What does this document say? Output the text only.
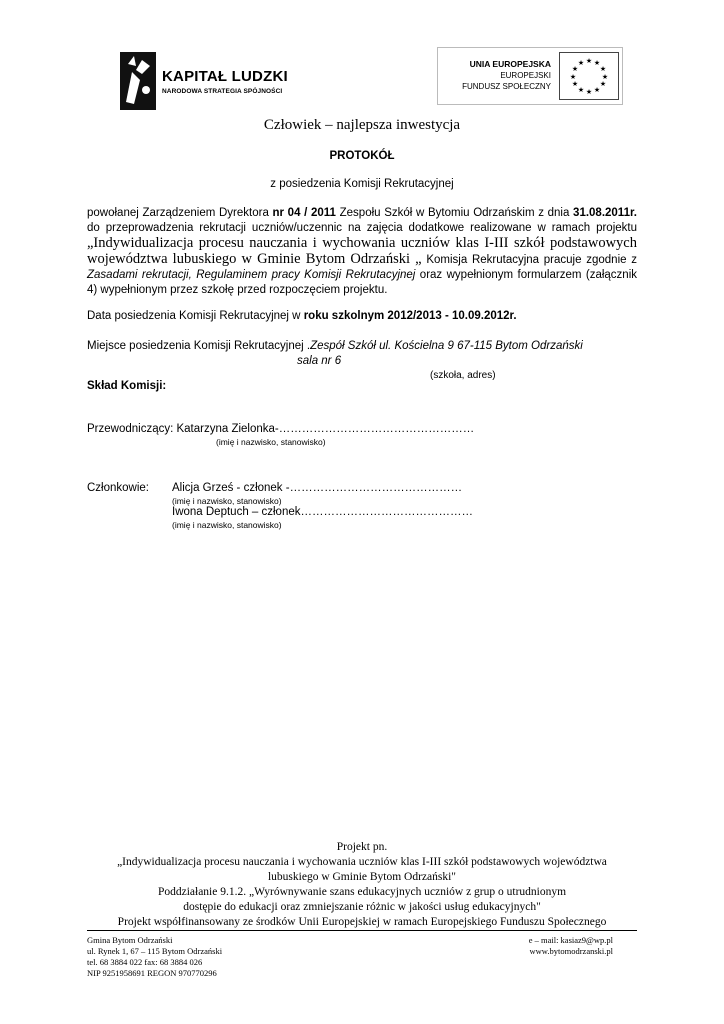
KAPITAŁ LUDZKI
NARODOWA STRATEGIA SPÓJNOŚCI
UNIA EUROPEJSKA
EUROPEJSKI
FUNDUSZ SPOŁECZNY
★ ★
★
★
★
★
★
★
★
★
★
★
Człowiek – najlepsza inwestycja
PROTOKÓŁ
z posiedzenia Komisji Rekrutacyjnej
powołanej Zarządzeniem Dyrektora nr 04 / 2011 Zespołu Szkół w Bytomiu Odrzańskim z dnia 31.08.2011r. do przeprowadzenia rekrutacji uczniów/uczennic na zajęcia dodatkowe realizowane w ramach projektu „Indywidualizacja procesu nauczania i wychowania uczniów klas I-III szkół podstawowych województwa lubuskiego w Gminie Bytom Odrzański „ Komisja Rekrutacyjna pracuje zgodnie z Zasadami rekrutacji, Regulaminem pracy Komisji Rekrutacyjnej oraz wypełnionym formularzem (załącznik 4) wypełnionym przez szkołę przed rozpoczęciem projektu.
Data posiedzenia Komisji Rekrutacyjnej w roku szkolnym 2012/2013 - 10.09.2012r.
Miejsce posiedzenia Komisji Rekrutacyjnej .Zespół Szkół ul. Kościelna 9 67-115 Bytom Odrzański
sala nr 6
(szkoła, adres)
Skład Komisji:
Przewodniczący: Katarzyna Zielonka-……………………………………………
(imię i nazwisko, stanowisko)
Członkowie: Alicja Grześ - członek -………………………………………
(imię i nazwisko, stanowisko)
Iwona Deptuch – członek………………………………………
(imię i nazwisko, stanowisko)
Projekt pn.
„Indywidualizacja procesu nauczania i wychowania uczniów klas I-III szkół podstawowych województwa
lubuskiego w Gminie Bytom Odrzański"
Poddziałanie 9.1.2. „Wyrównywanie szans edukacyjnych uczniów z grup o utrudnionym
dostępie do edukacji oraz zmniejszanie różnic w jakości usług edukacyjnych"
Projekt współfinansowany ze środków Unii Europejskiej w ramach Europejskiego Funduszu Społecznego
Gmina Bytom Odrzański
ul. Rynek 1, 67 – 115 Bytom Odrzański
tel. 68 3884 022 fax: 68 3884 026
NIP 9251958691 REGON 970770296
e – mail: kasiaz9@wp.pl
www.bytomodrzanski.pl
